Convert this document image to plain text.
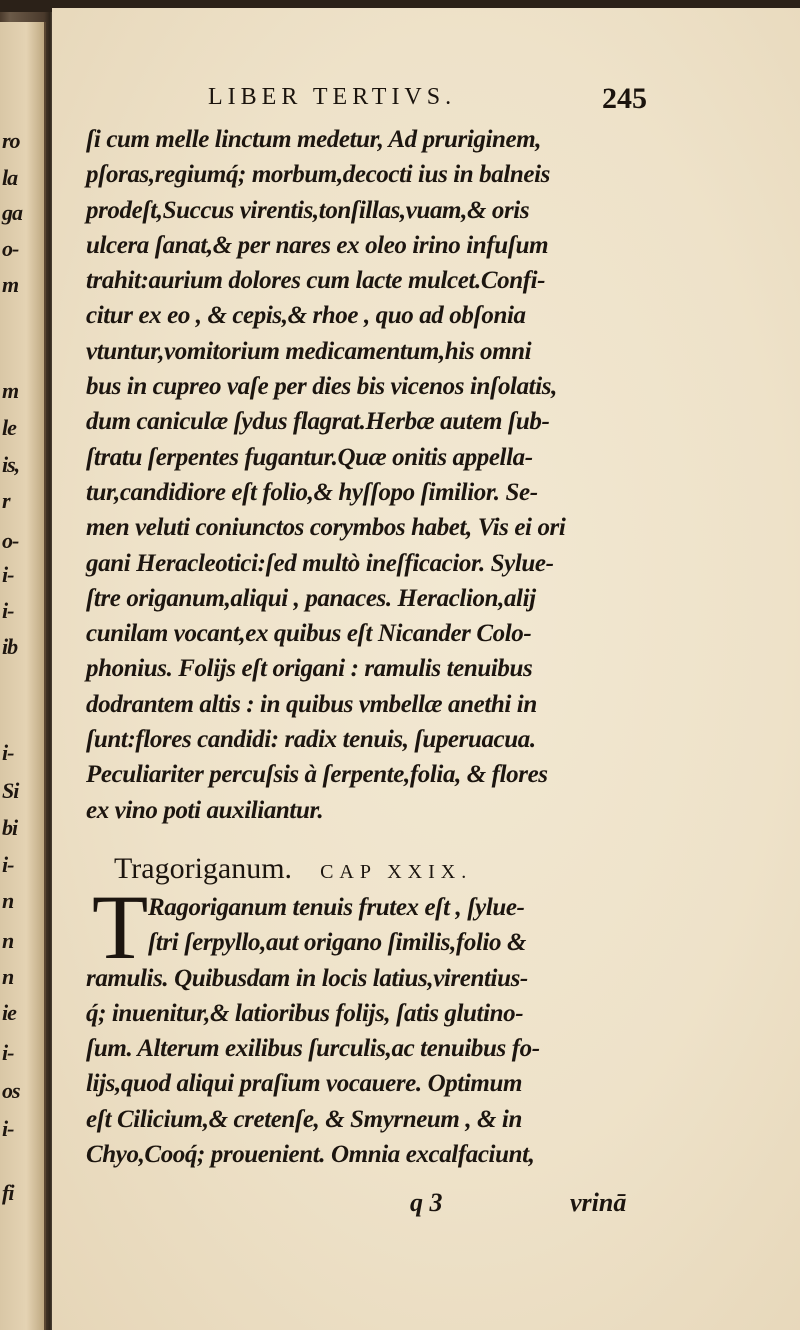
ro
la
ga
o-
m
m
le
is,
r
o-
i-
i-
ib
i-
Si
bi
i-
n
n
n
ie
i-
os
i-
fi
LIBER TERTIVS.	245
ſi cum melle linctum medetur, Ad pruriginem,
pſoras,regiumq́; morbum,decocti ius in balneis
prodeſt,Succus virentis,tonſillas,vuam,& oris
ulcera ſanat,& per nares ex oleo irino infuſum
trahit:aurium dolores cum lacte mulcet.Confi-
citur ex eo , & cepis,& rhoe , quo ad obſonia
vtuntur,vomitorium medicamentum,his omni
bus in cupreo vaſe per dies bis vicenos inſolatis,
dum caniculæ ſydus flagrat.Herbæ autem ſub-
ſtratu ſerpentes fugantur.Quæ onitis appella-
tur,candidiore eſt folio,& hyſſopo ſimilior. Se-
men veluti coniunctos corymbos habet, Vis ei ori
gani Heracleotici:ſed multò ineſficacior. Sylue-
ſtre origanum,aliqui , panaces. Heraclion,alij
cunilam vocant,ex quibus eſt Nicander Colo-
phonius. Folijs eſt origani : ramulis tenuibus
dodrantem altis : in quibus vmbellæ anethi in
ſunt:flores candidi: radix tenuis, ſuperuacua.
Peculiariter percuſsis à ſerpente,folia, & flores
ex vino poti auxiliantur.
Tragoriganum. CAP XXIX.
T Ragoriganum tenuis frutex eſt , ſylue-
ſtri ſerpyllo,aut origano ſimilis,folio &
ramulis. Quibusdam in locis latius,virentius-
q́; inuenitur,& latioribus folijs, ſatis glutino-
ſum. Alterum exilibus ſurculis,ac tenuibus fo-
lijs,quod aliqui praſium vocauere. Optimum
eſt Cilicium,& cretenſe, & Smyrneum , & in
Chyo,Cooq́; prouenient. Omnia excalfaciunt,
q 3	vrinā
